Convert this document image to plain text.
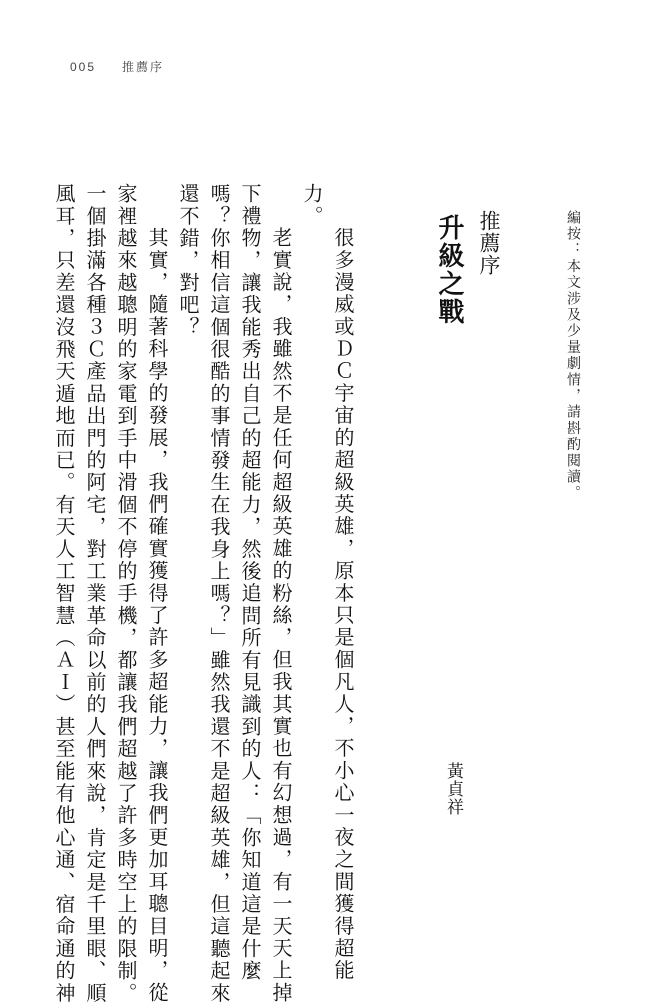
005 推薦序
編按：本文涉及少量劇情，請斟酌閱讀。
推薦序
升級之戰
黃貞祥
很多漫威或ＤＣ宇宙的超級英雄，原本只是個凡人，不小心一夜之間獲得超能
力。
老實說，我雖然不是任何超級英雄的粉絲，但我其實也有幻想過，有一天天上掉
下禮物，讓我能秀出自己的超能力，然後追問所有見識到的人：「你知道這是什麼
嗎？你相信這個很酷的事情發生在我身上嗎？」雖然我還不是超級英雄，但這聽起來
還不錯，對吧？
其實，隨著科學的發展，我們確實獲得了許多超能力，讓我們更加耳聰目明，從
家裡越來越聰明的家電到手中滑個不停的手機，都讓我們超越了許多時空上的限制。
一個掛滿各種３Ｃ產品出門的阿宅，對工業革命以前的人們來說，肯定是千里眼、順
風耳，只差還沒飛天遁地而已。有天人工智慧（ＡＩ）甚至能有他心通、宿命通的神
